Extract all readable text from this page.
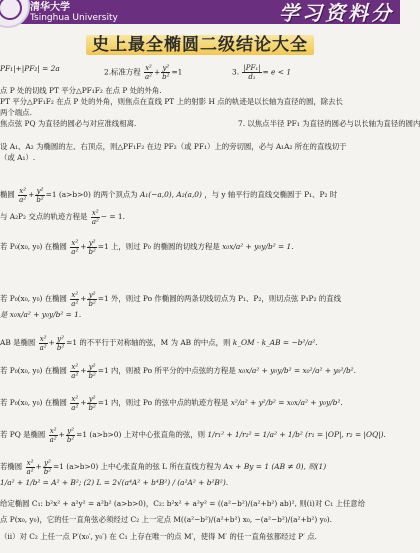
清华大学
Tsinghua University	学习资料分
史上最全椭圆二级结论大全
PF₁|+|PF₂| = 2a	2.标准方程 $\frac{\text{x²}}{\text{a²}} + \frac{\text{y²}}{\text{b²}} =1$	3. $\frac{\text{|PF₁|}}{\text{d₁}} = e < 1$
点 P 处的切线 PT 平分△PF₁F₂ 在点 P 处的外角.
PT 平分△PF₁F₂ 在点 P 处的外角，则焦点在直线 PT 上的射影 H 点的轨迹是以长轴为直径的圆，除去长
两个端点.
焦点弦 PQ 为直径的圆必与对应准线相离.	7. 以焦点半径 PF₁ 为直径的圆必与以长轴为直径的圆内
设 A₁、A₂ 为椭圆的左、右顶点，则△PF₁F₂ 在边 PF₂（或 PF₁）上的旁切圆，必与 A₁A₂ 所在的直线切于
（或 A₁）.
椭圆 $\frac{\text{x²}}{\text{a²}} + \frac{\text{y²}}{\text{b²}} =1$ (a>b>0) 的两个顶点为 A₁(−a,0), A₂(a,0) ，与 y 轴平行的直线交椭圆于 P₁、P₂ 时
与 A₂P₂ 交点的轨迹方程是 $\frac{\text{x²}}{\text{a²}}$ − = 1.
若 P₀(x₀, y₀) 在椭圆 $\frac{\text{x²}}{\text{a²}} + \frac{\text{y²}}{\text{b²}} =1$ 上，则过 P₀ 的椭圆的切线方程是 x₀x/a² + y₀y/b² = 1.
若 P₀(x₀, y₀) 在椭圆 $\frac{\text{x²}}{\text{a²}} + \frac{\text{y²}}{\text{b²}} =1$ 外，则过 Po 作椭圆的两条切线切点为 P₁、P₂，则切点弦 P₁P₂ 的直线
是 x₀x/a² + y₀y/b² = 1.
AB 是椭圆 $\frac{\text{x²}}{\text{a²}} + \frac{\text{y²}}{\text{b²}} =1$ 的不平行于对称轴的弦，M 为 AB 的中点，则 k_OM · k_AB = −b²/a².
若 P₀(x₀, y₀) 在椭圆 $\frac{\text{x²}}{\text{a²}} + \frac{\text{y²}}{\text{b²}} =1$ 内，则被 Po 所平分的中点弦的方程是 x₀x/a² + y₀y/b² = x₀²/a² + y₀²/b².
若 P₀(x₀, y₀) 在椭圆 $\frac{\text{x²}}{\text{a²}} + \frac{\text{y²}}{\text{b²}} =1$ 内，则过 Po 的弦中点的轨迹方程是 x²/a² + y²/b² = x₀x/a² + y₀y/b².
若 PQ 是椭圆 $\frac{\text{x²}}{\text{a²}} + \frac{\text{y²}}{\text{b²}} =1$ (a>b>0) 上对中心张直角的弦，则 1/r₁² + 1/r₂² = 1/a² + 1/b² (r₁ = |OP|, r₂ = |OQ|).
若椭圆 $\frac{\text{x²}}{\text{a²}} + \frac{\text{y²}}{\text{b²}} =1$ (a>b>0) 上中心张直角的弦 L 所在直线方程为 Ax + By = 1 (AB ≠ 0), 则(1)
1/a² + 1/b² = A² + B²; (2) L = 2√(a⁴A² + b⁴B²) / (a²A² + b²B²).
给定椭圆 C₁: b²x² + a²y² = a²b² (a>b>0)，C₂: b²x² + a²y² = ((a²−b²)/(a²+b²) ab)², 则(i)对 C₁ 上任意给
点 P(x₀, y₀)，它的任一直角弦必须经过 C₂ 上一定点 M((a²−b²)/(a²+b²) x₀, −(a²−b²)/(a²+b²) y₀).
（ii）对 C₂ 上任一点 P′(x₀′, y₀′) 在 C₁ 上存在唯一的点 M′，使得 M′ 的任一直角弦都经过 P′ 点.
